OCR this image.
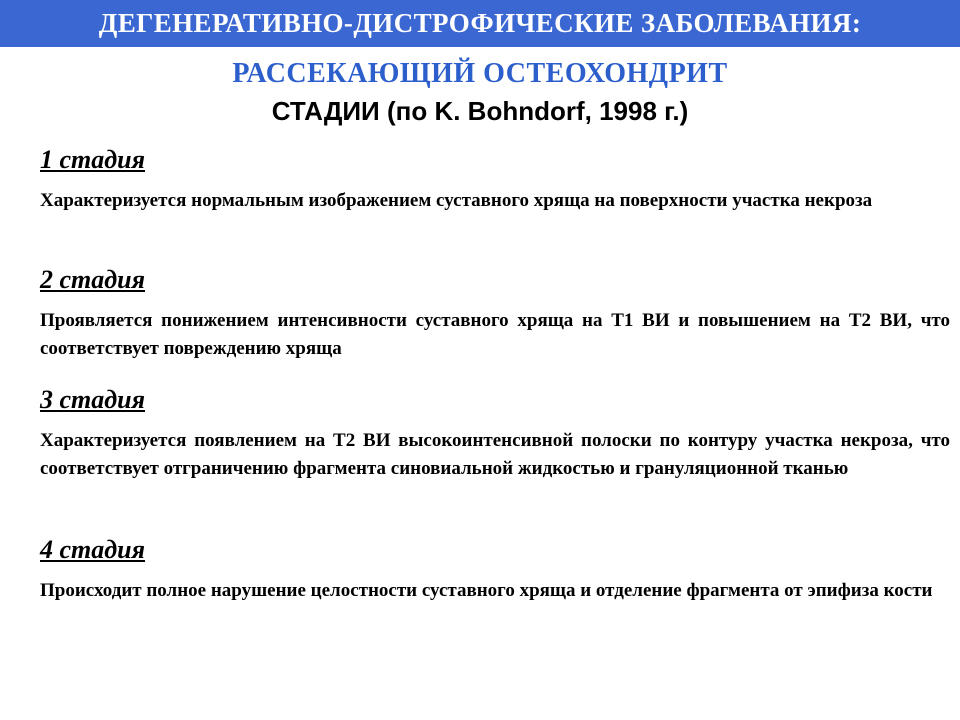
ДЕГЕНЕРАТИВНО-ДИСТРОФИЧЕСКИЕ ЗАБОЛЕВАНИЯ:
РАССЕКАЮЩИЙ ОСТЕОХОНДРИТ
СТАДИИ (по K. Bohndorf, 1998 г.)
1 стадия
Характеризуется нормальным изображением суставного хряща на поверхности участка некроза
2 стадия
Проявляется понижением интенсивности суставного хряща на Т1 ВИ и повышением на Т2 ВИ, что соответствует повреждению хряща
3 стадия
Характеризуется появлением на Т2 ВИ высокоинтенсивной полоски по контуру участка некроза, что соответствует отграничению фрагмента синовиальной жидкостью и грануляционной тканью
4 стадия
Происходит полное нарушение целостности суставного хряща и отделение фрагмента от эпифиза кости
